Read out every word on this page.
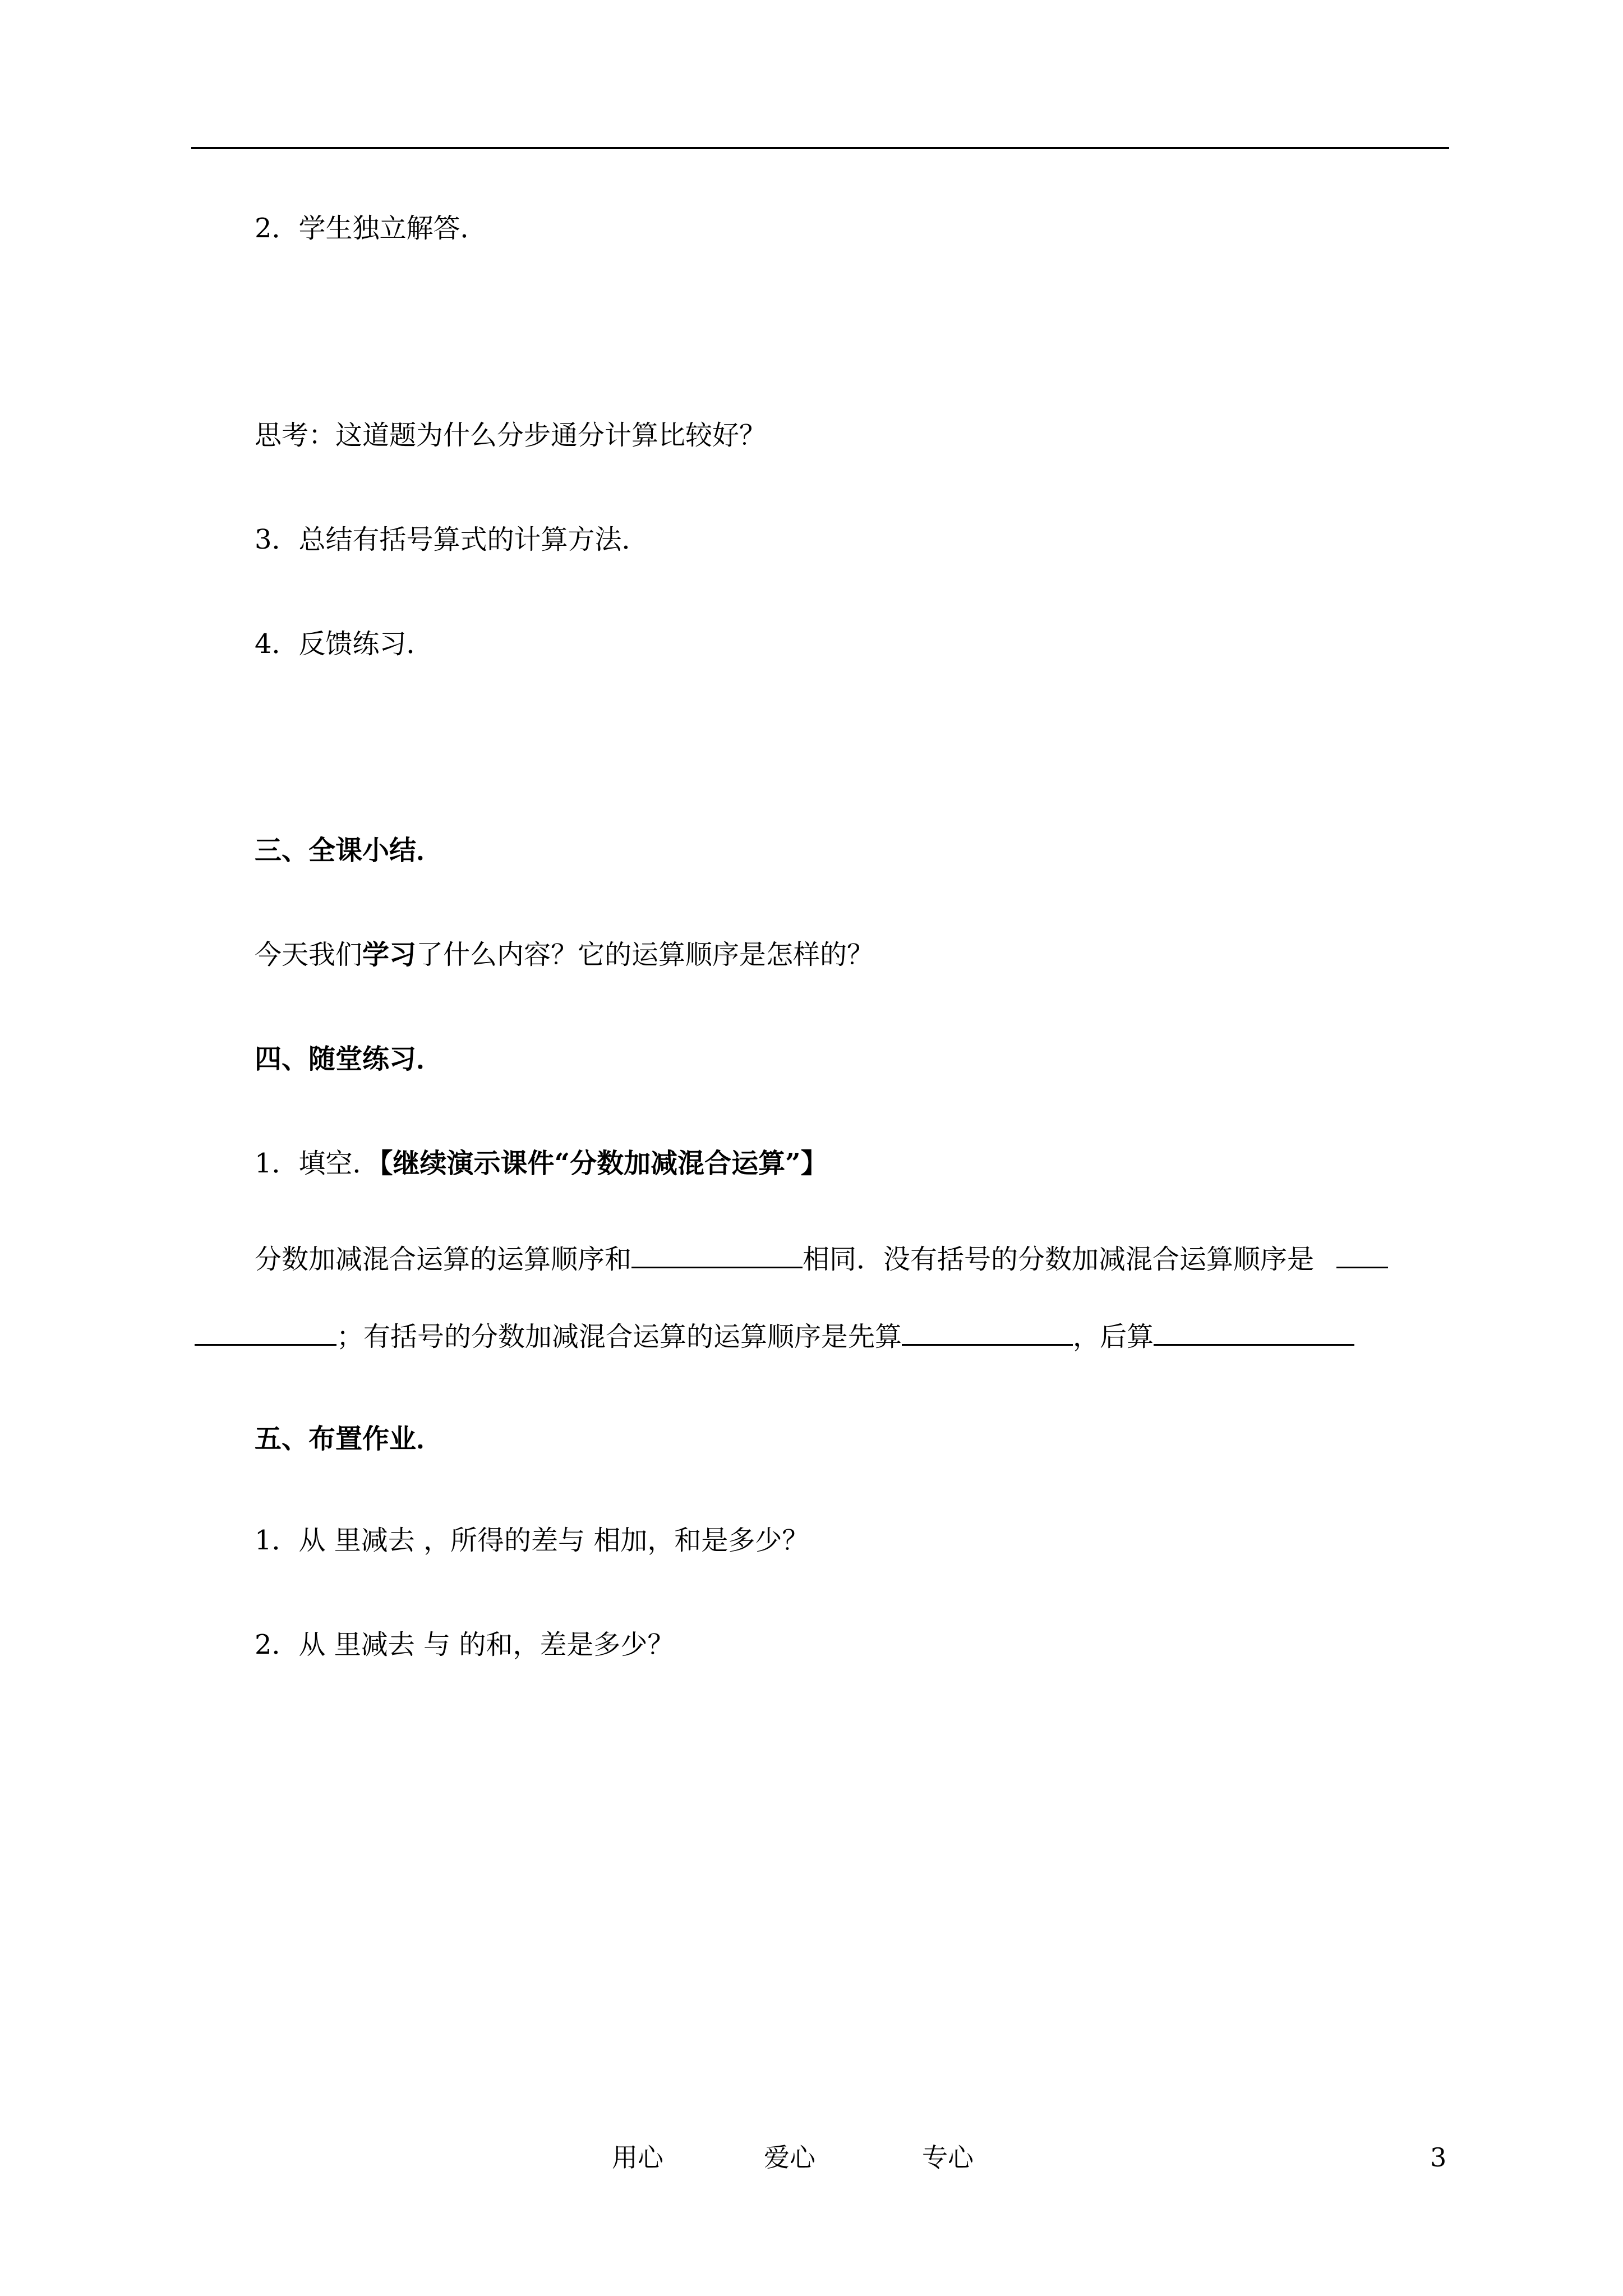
2．学生独立解答．
思考：这道题为什么分步通分计算比较好？
3．总结有括号算式的计算方法．
4．反馈练习．
三、全课小结．
今天我们学习了什么内容？它的运算顺序是怎样的？
四、随堂练习．
1．填空．【继续演示课件“分数加减混合运算”】
分数加减混合运算的运算顺序和	相同．没有括号的分数加减混合运算顺序是
；有括号的分数加减混合运算的运算顺序是先算	，后算
五、布置作业．
1．从 里减去 ，所得的差与 相加，和是多少？
2．从 里减去 与 的和，差是多少？
用心	爱心	专心	3
